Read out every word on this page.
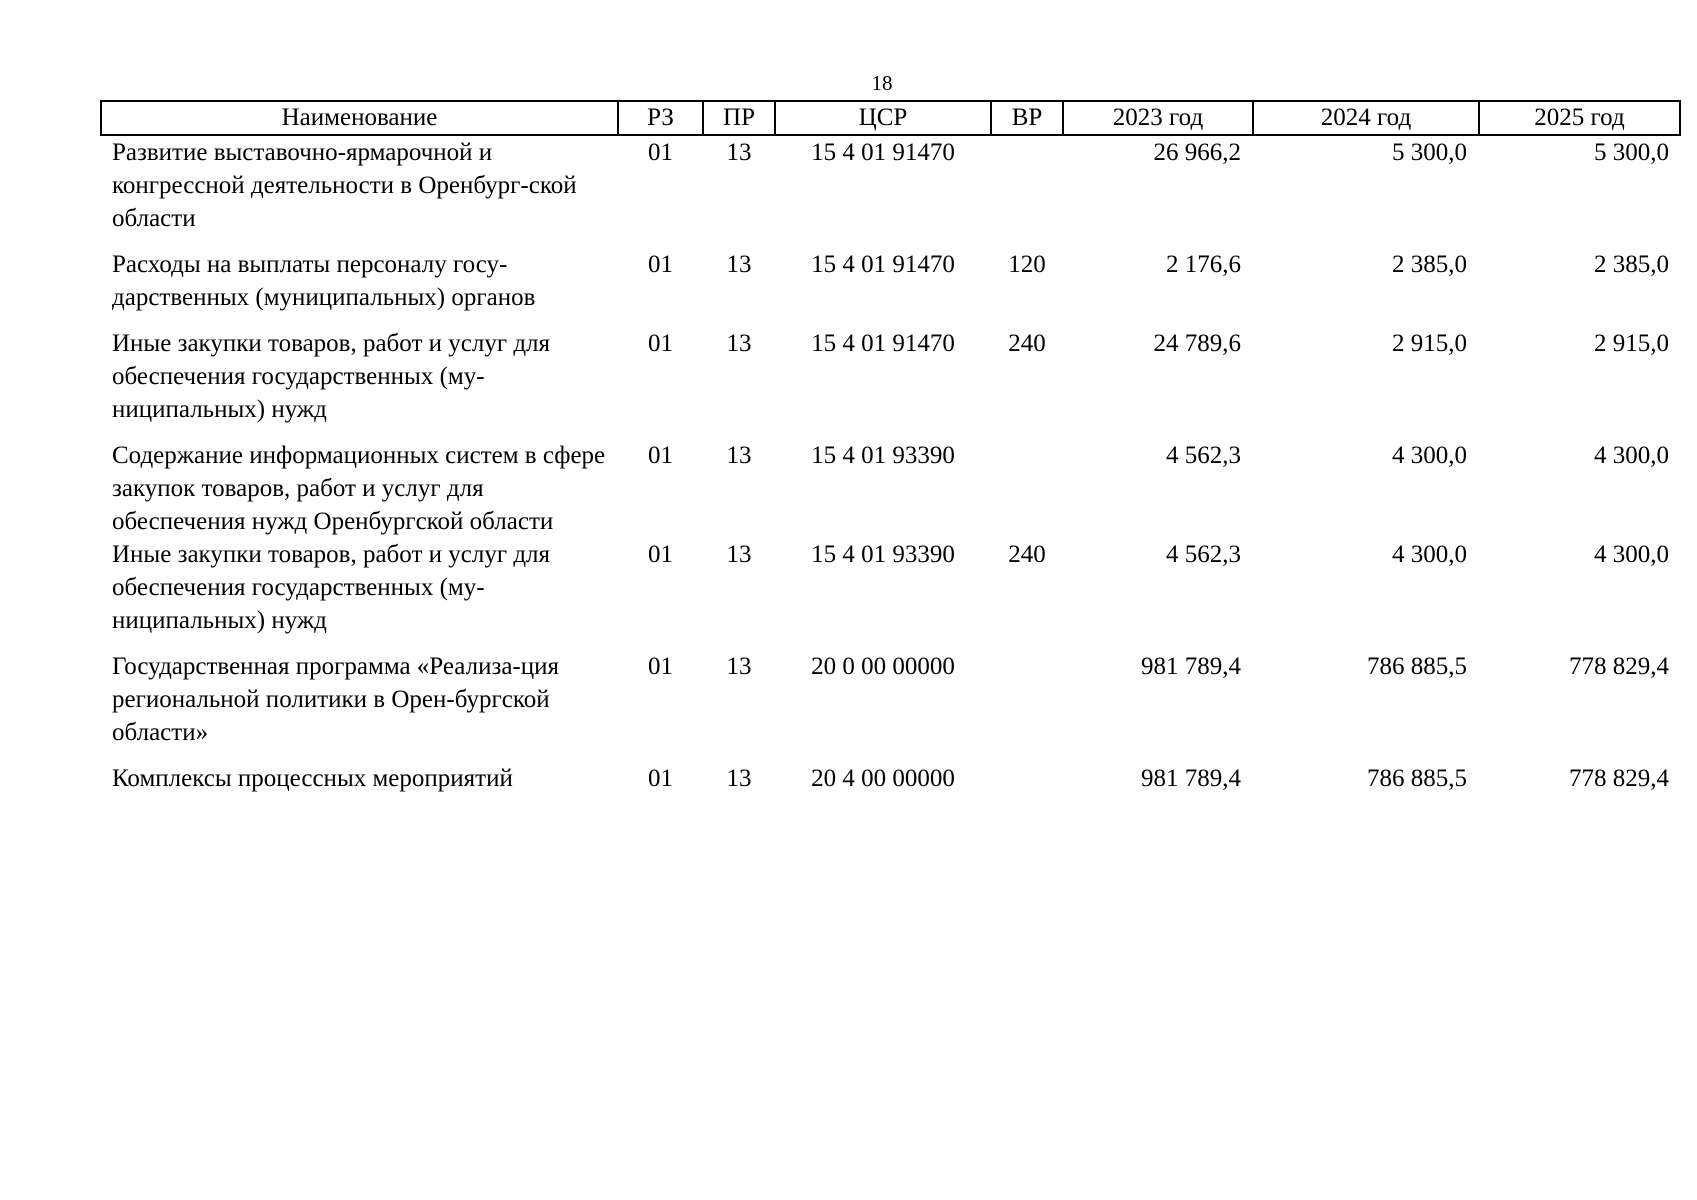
18
Наименование	РЗ	ПР	ЦСР	ВР	2023 год	2024 год	2025 год
Развитие выставочно-ярмарочной и конгрессной деятельности в Оренбург-ской области	01	13	15 4 01 91470		26 966,2	5 300,0	5 300,0
Расходы на выплаты персоналу госу-дарственных (муниципальных) органов	01	13	15 4 01 91470	120	2 176,6	2 385,0	2 385,0
Иные закупки товаров, работ и услуг для обеспечения государственных (му-ниципальных) нужд	01	13	15 4 01 91470	240	24 789,6	2 915,0	2 915,0
Содержание информационных систем в сфере закупок товаров, работ и услуг для обеспечения нужд Оренбургской области	01	13	15 4 01 93390		4 562,3	4 300,0	4 300,0
Иные закупки товаров, работ и услуг для обеспечения государственных (му-ниципальных) нужд	01	13	15 4 01 93390	240	4 562,3	4 300,0	4 300,0
Государственная программа «Реализа-ция региональной политики в Орен-бургской области»	01	13	20 0 00 00000		981 789,4	786 885,5	778 829,4
Комплексы процессных мероприятий	01	13	20 4 00 00000		981 789,4	786 885,5	778 829,4
